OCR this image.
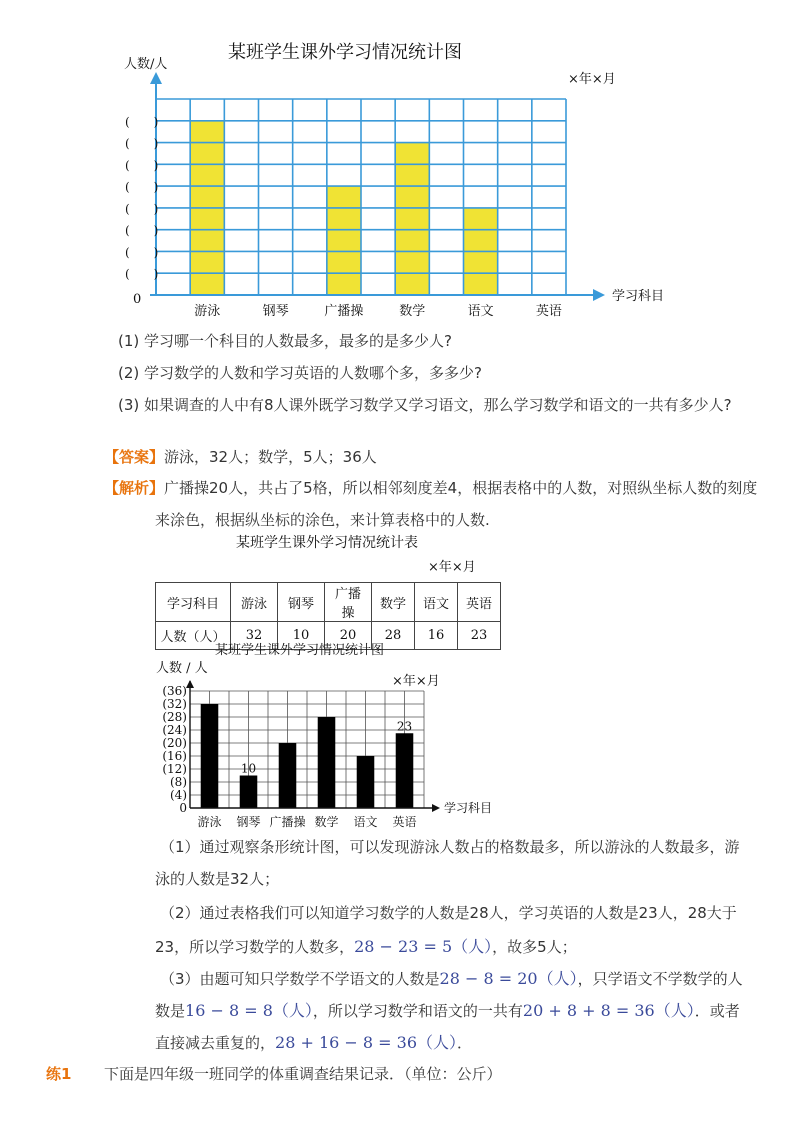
某班学生课外学习情况统计图
人数/人
×年×月
学习科目
0
(　　)
(　　)
(　　)
(　　)
(　　)
(　　)
(　　)
(　　)
游泳	钢琴	广播操	数学	语文	英语
(1) 学习哪一个科目的人数最多，最多的是多少人?
(2) 学习数学的人数和学习英语的人数哪个多，多多少?
(3) 如果调查的人中有8人课外既学习数学又学习语文，那么学习数学和语文的一共有多少人?
【答案】游泳，32人；数学，5人；36人
【解析】广播操20人，共占了5格，所以相邻刻度差4，根据表格中的人数，对照纵坐标人数的刻度
来涂色，根据纵坐标的涂色，来计算表格中的人数.
某班学生课外学习情况统计表
×年×月
学习科目	游泳	钢琴	广播操	数学	语文	英语
人数（人）	32	10	20	28	16	23
某班学生课外学习情况统计图
人数 / 人
×年×月
10
23
学习科目
0
(4)
(8)
(12)
(16)
(20)
(24)
(28)
(32)
(36)
游泳 钢琴 广播操 数学 语文 英语
（1）通过观察条形统计图，可以发现游泳人数占的格数最多，所以游泳的人数最多，游
泳的人数是32人；
（2）通过表格我们可以知道学习数学的人数是28人，学习英语的人数是23人，28大于
23，所以学习数学的人数多，28 − 23 = 5（人），故多5人；
（3）由题可知只学数学不学语文的人数是28 − 8 = 20（人），只学语文不学数学的人
数是16 − 8 = 8（人），所以学习数学和语文的一共有20 + 8 + 8 = 36（人）．或者
直接减去重复的，28 + 16 − 8 = 36（人）．
练1 下面是四年级一班同学的体重调查结果记录．（单位：公斤）
